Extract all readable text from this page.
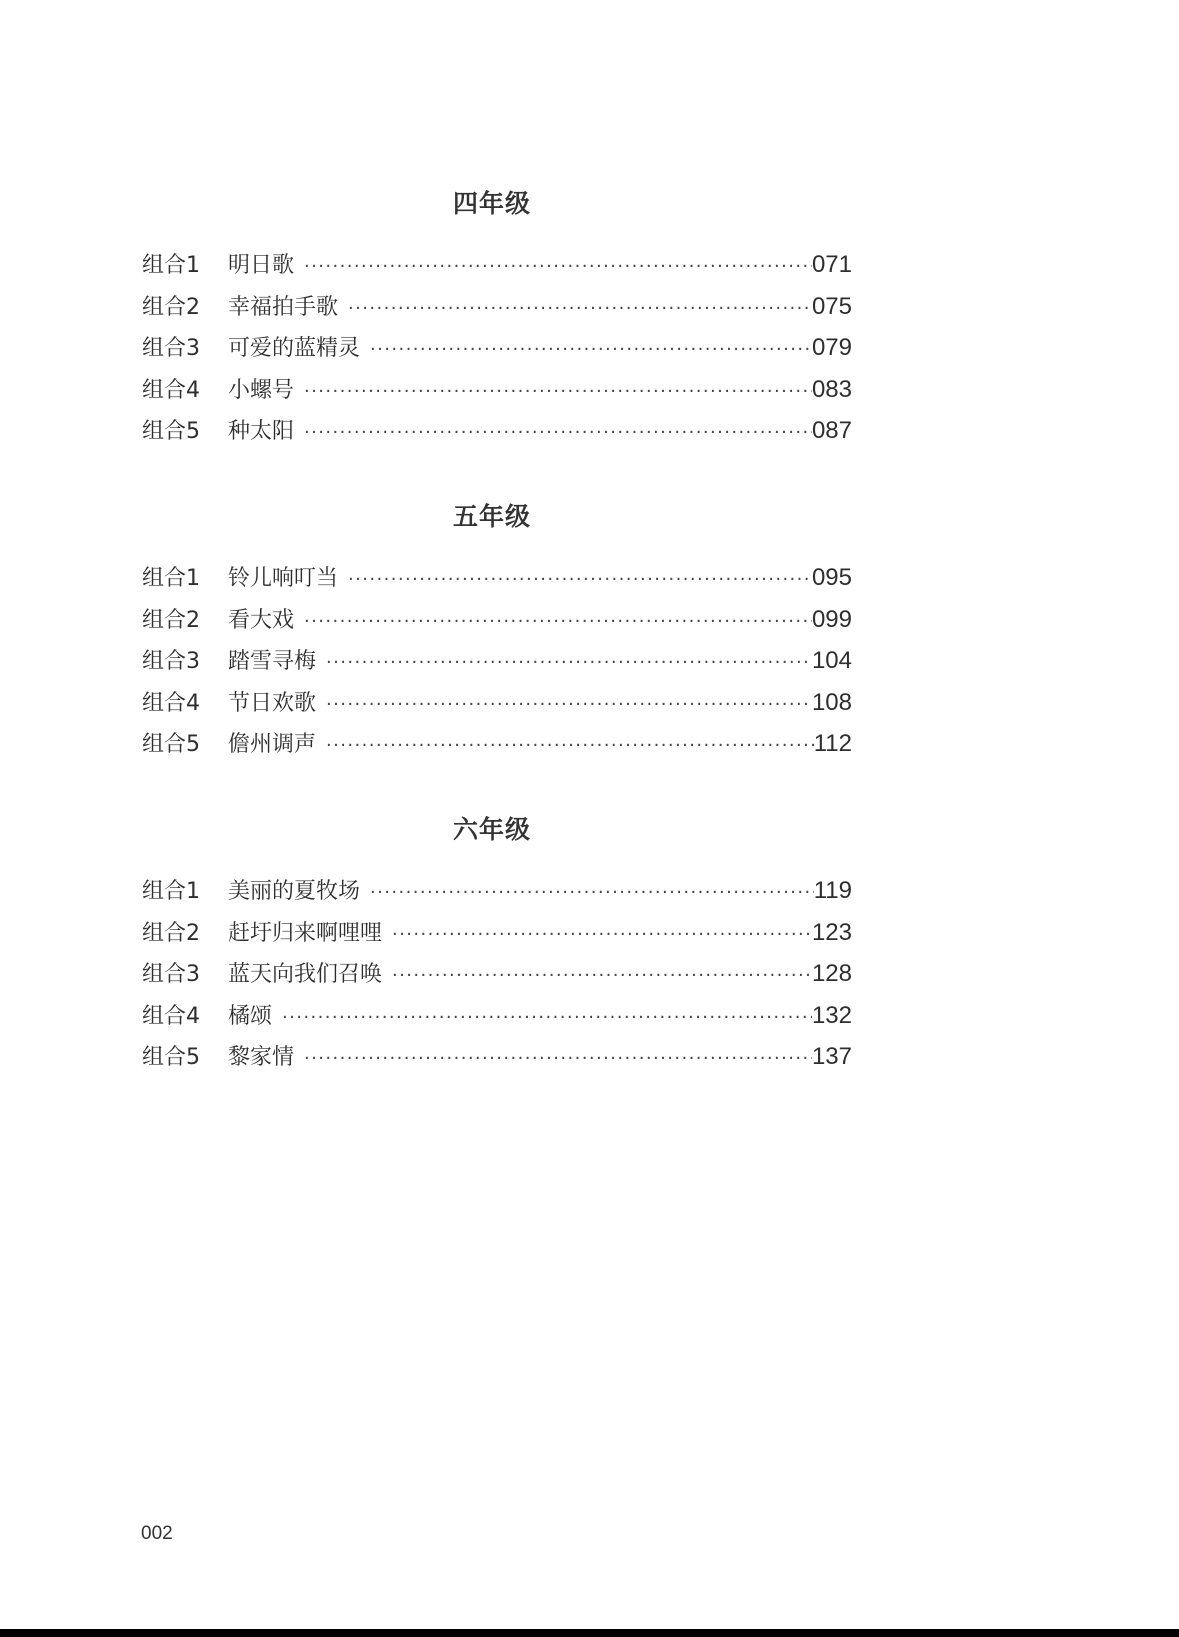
四年级
组合1	明日歌 ·····	071
组合2	幸福拍手歌 ·····	075
组合3	可爱的蓝精灵 ·····	079
组合4	小螺号 ·····	083
组合5	种太阳 ·····	087
五年级
组合1	铃儿响叮当 ·····	095
组合2	看大戏 ·····	099
组合3	踏雪寻梅 ·····	104
组合4	节日欢歌 ·····	108
组合5	儋州调声 ·····	112
六年级
组合1	美丽的夏牧场 ·····	119
组合2	赶圩归来啊哩哩 ·····	123
组合3	蓝天向我们召唤 ·····	128
组合4	橘颂 ·····	132
组合5	黎家情 ·····	137
002
